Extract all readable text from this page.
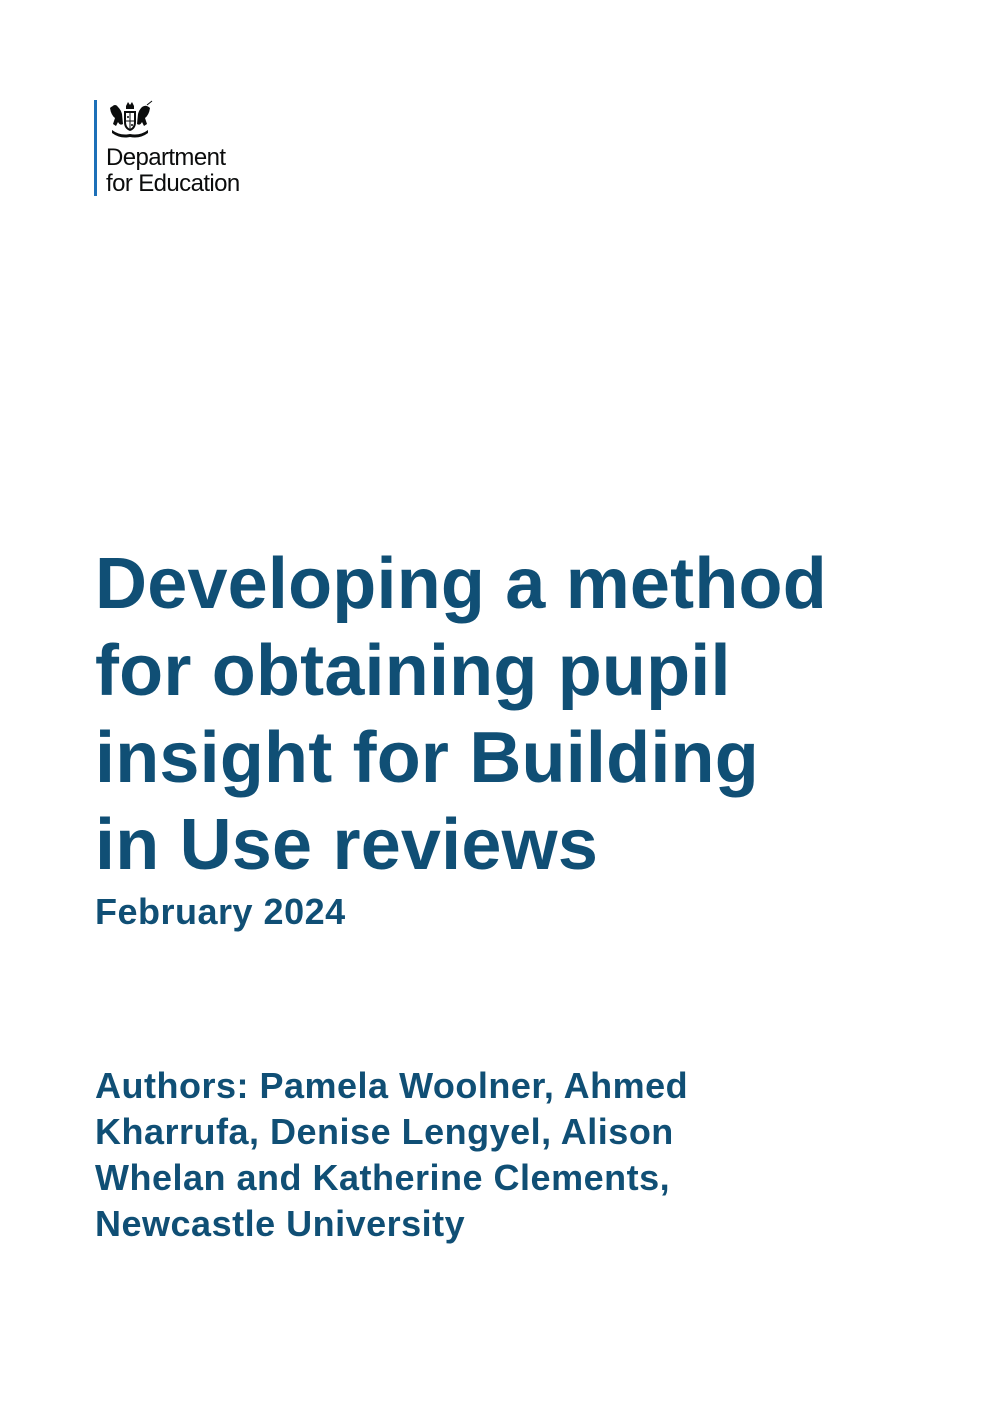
Department
for Education
Developing a method
for obtaining pupil
insight for Building
in Use reviews

February 2024

Authors: Pamela Woolner, Ahmed
Kharrufa, Denise Lengyel, Alison
Whelan and Katherine Clements,
Newcastle University
